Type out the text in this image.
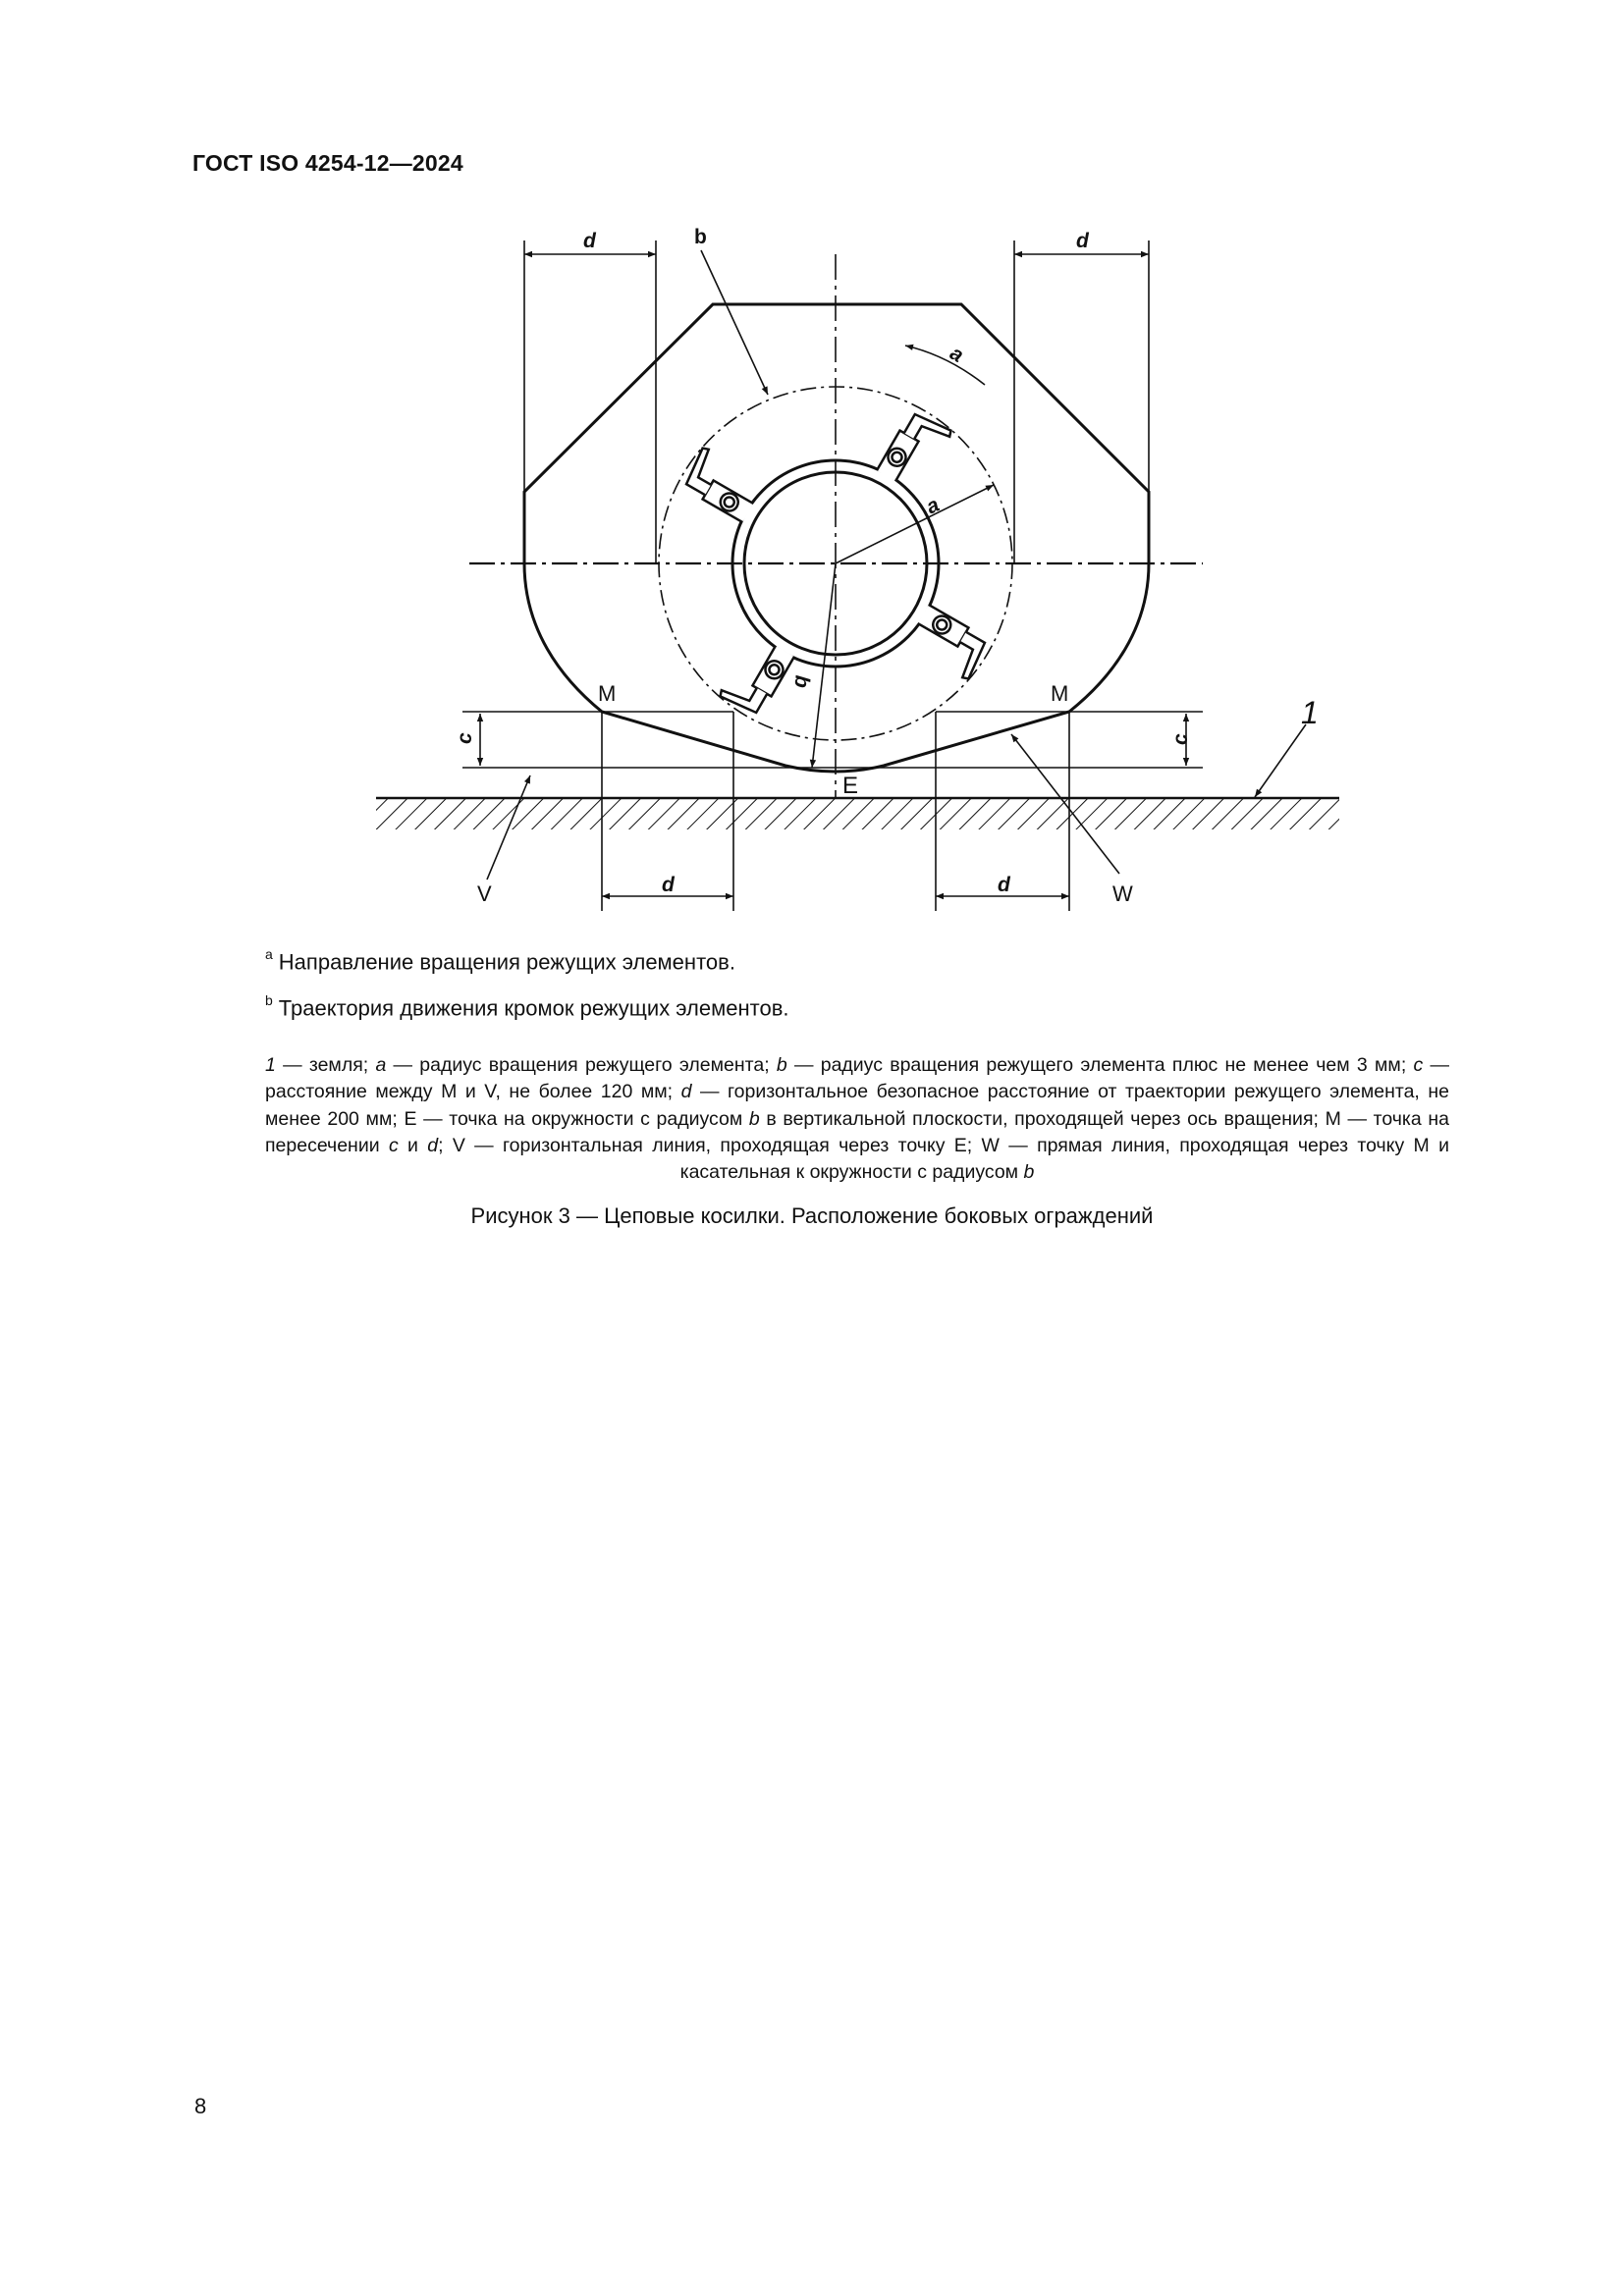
ГОСТ ISO 4254-12—2024
d	d
b
a
a
b
M	M
c	c
E
1
V	W
d	d
$^a$ Направление вращения режущих элементов.
$^b$ Траектория движения кромок режущих элементов.
1 — земля; a — радиус вращения режущего элемента; b — радиус вращения режущего элемента плюс не менее чем 3 мм; c — расстояние между M и V, не более 120 мм; d — горизонтальное безопасное расстояние от траектории режущего элемента, не менее 200 мм; E — точка на окружности с радиусом b в вертикальной плоскости, проходящей через ось вращения; M — точка на пересечении c и d; V — горизонтальная линия, проходящая через точку E; W — прямая линия, проходящая через точку M и касательная к окружности с радиусом b
Рисунок 3 — Цеповые косилки. Расположение боковых ограждений
8
